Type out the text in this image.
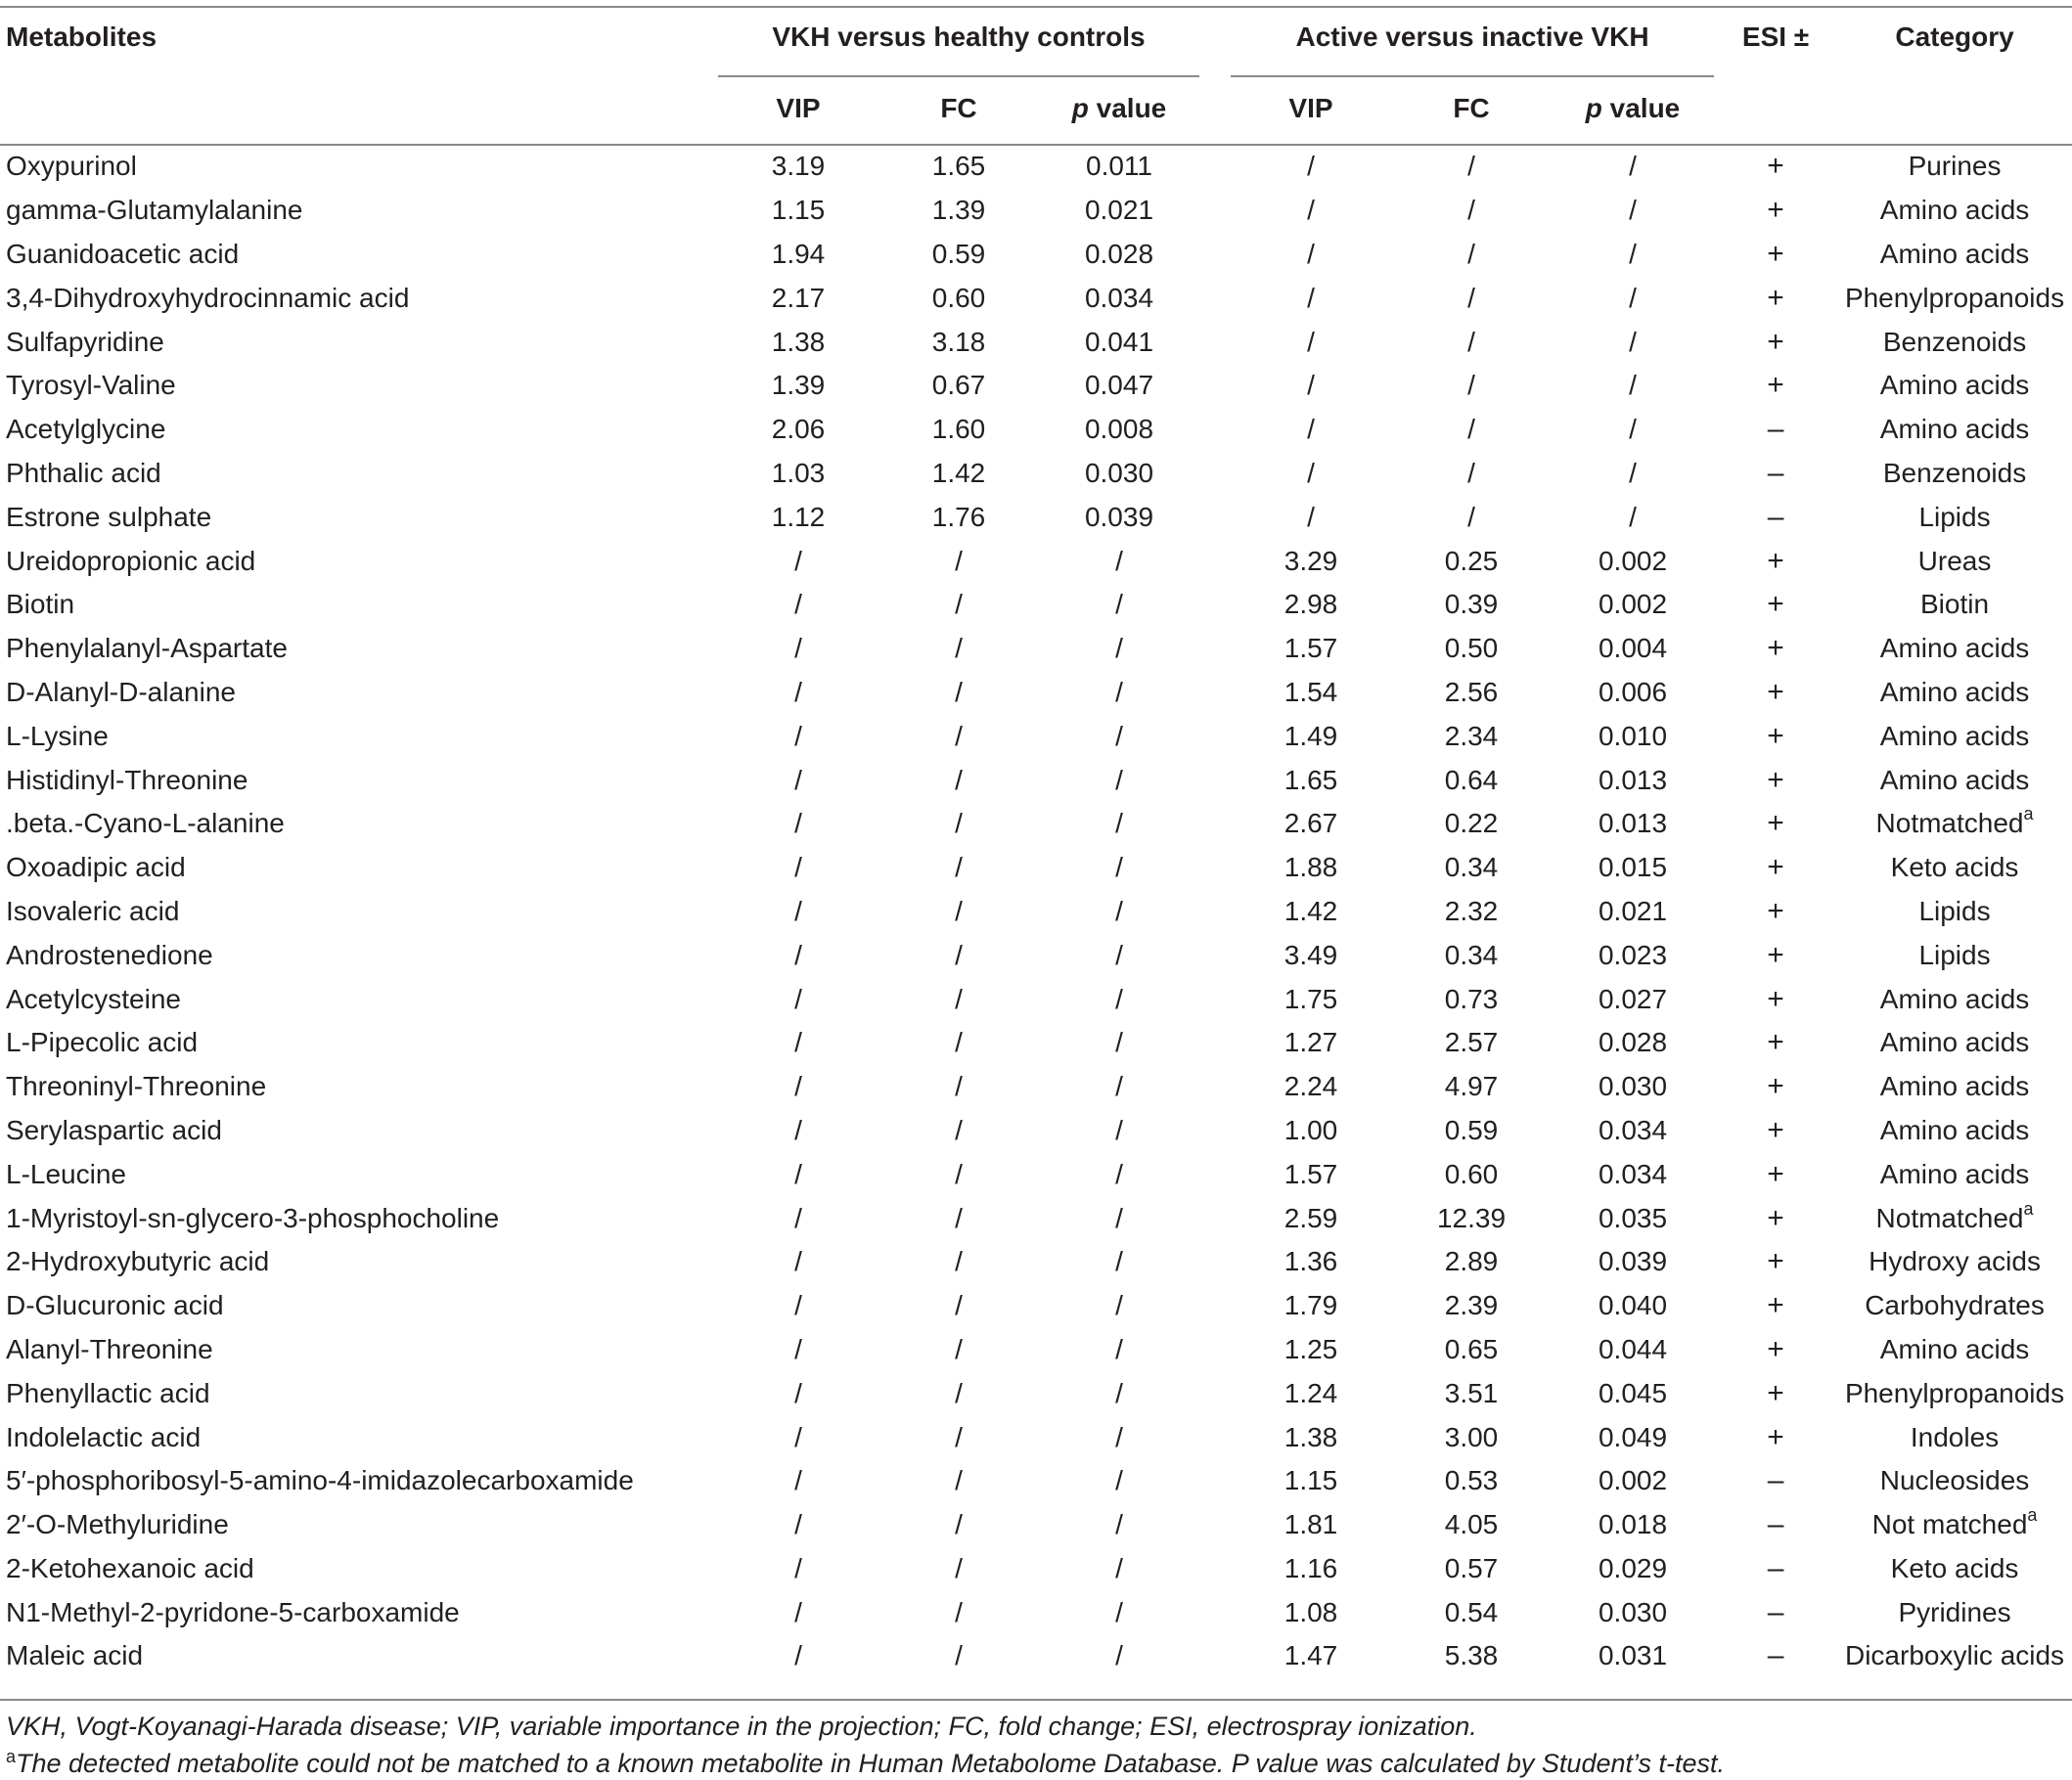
Metabolites	VKH versus healthy controls				Active versus inactive VKH			ESI ±	Category
	VIP	FC	p value		VIP	FC	p value		
Oxypurinol	3.19	1.65	0.011		/	/	/	+	Purines
gamma-Glutamylalanine	1.15	1.39	0.021		/	/	/	+	Amino acids
Guanidoacetic acid	1.94	0.59	0.028		/	/	/	+	Amino acids
3,4-Dihydroxyhydrocinnamic acid	2.17	0.60	0.034		/	/	/	+	Phenylpropanoids
Sulfapyridine	1.38	3.18	0.041		/	/	/	+	Benzenoids
Tyrosyl-Valine	1.39	0.67	0.047		/	/	/	+	Amino acids
Acetylglycine	2.06	1.60	0.008		/	/	/	–	Amino acids
Phthalic acid	1.03	1.42	0.030		/	/	/	–	Benzenoids
Estrone sulphate	1.12	1.76	0.039		/	/	/	–	Lipids
Ureidopropionic acid	/	/	/		3.29	0.25	0.002	+	Ureas
Biotin	/	/	/		2.98	0.39	0.002	+	Biotin
Phenylalanyl-Aspartate	/	/	/		1.57	0.50	0.004	+	Amino acids
D-Alanyl-D-alanine	/	/	/		1.54	2.56	0.006	+	Amino acids
L-Lysine	/	/	/		1.49	2.34	0.010	+	Amino acids
Histidinyl-Threonine	/	/	/		1.65	0.64	0.013	+	Amino acids
.beta.-Cyano-L-alanine	/	/	/		2.67	0.22	0.013	+	Notmatched$^a$
Oxoadipic acid	/	/	/		1.88	0.34	0.015	+	Keto acids
Isovaleric acid	/	/	/		1.42	2.32	0.021	+	Lipids
Androstenedione	/	/	/		3.49	0.34	0.023	+	Lipids
Acetylcysteine	/	/	/		1.75	0.73	0.027	+	Amino acids
L-Pipecolic acid	/	/	/		1.27	2.57	0.028	+	Amino acids
Threoninyl-Threonine	/	/	/		2.24	4.97	0.030	+	Amino acids
Serylaspartic acid	/	/	/		1.00	0.59	0.034	+	Amino acids
L-Leucine	/	/	/		1.57	0.60	0.034	+	Amino acids
1-Myristoyl-sn-glycero-3-phosphocholine	/	/	/		2.59	12.39	0.035	+	Notmatched$^a$
2-Hydroxybutyric acid	/	/	/		1.36	2.89	0.039	+	Hydroxy acids
D-Glucuronic acid	/	/	/		1.79	2.39	0.040	+	Carbohydrates
Alanyl-Threonine	/	/	/		1.25	0.65	0.044	+	Amino acids
Phenyllactic acid	/	/	/		1.24	3.51	0.045	+	Phenylpropanoids
Indolelactic acid	/	/	/		1.38	3.00	0.049	+	Indoles
5′-phosphoribosyl-5-amino-4-imidazolecarboxamide	/	/	/		1.15	0.53	0.002	–	Nucleosides
2′-O-Methyluridine	/	/	/		1.81	4.05	0.018	–	Not matched$^a$
2-Ketohexanoic acid	/	/	/		1.16	0.57	0.029	–	Keto acids
N1-Methyl-2-pyridone-5-carboxamide	/	/	/		1.08	0.54	0.030	–	Pyridines
Maleic acid	/	/	/		1.47	5.38	0.031	–	Dicarboxylic acids
VKH, Vogt-Koyanagi-Harada disease; VIP, variable importance in the projection; FC, fold change; ESI, electrospray ionization.
$^a$The detected metabolite could not be matched to a known metabolite in Human Metabolome Database. P value was calculated by Student’s t-test.
